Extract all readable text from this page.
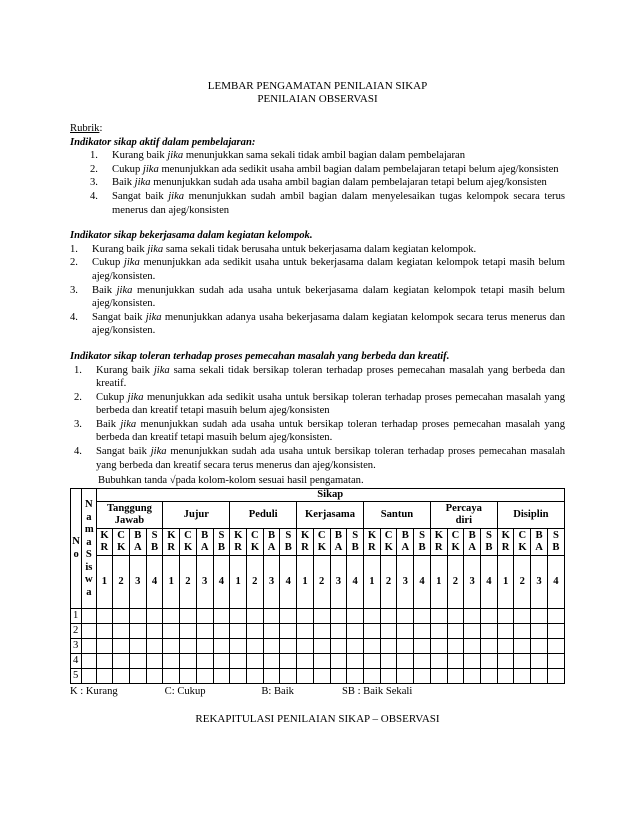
LEMBAR PENGAMATAN PENILAIAN SIKAP
PENILAIAN OBSERVASI
Rubrik:
Indikator sikap aktif dalam pembelajaran:
1.	Kurang baik jika menunjukkan sama sekali tidak ambil bagian dalam pembelajaran
2.	Cukup jika menunjukkan ada sedikit usaha ambil bagian dalam pembelajaran tetapi belum ajeg/konsisten
3.	Baik jika menunjukkan sudah ada usaha ambil bagian dalam pembelajaran tetapi belum ajeg/konsisten
4.	Sangat baik jika menunjukkan sudah ambil bagian dalam menyelesaikan tugas kelompok secara terus menerus dan ajeg/konsisten
Indikator sikap bekerjasama dalam kegiatan kelompok.
1.	Kurang baik jika sama sekali tidak berusaha untuk bekerjasama dalam kegiatan kelompok.
2.	Cukup jika menunjukkan ada sedikit usaha untuk bekerjasama dalam kegiatan kelompok tetapi masih belum ajeg/konsisten.
3.	Baik jika menunjukkan sudah ada usaha untuk bekerjasama dalam kegiatan kelompok tetapi masih belum ajeg/konsisten.
4.	Sangat baik jika menunjukkan adanya usaha bekerjasama dalam kegiatan kelompok secara terus menerus dan ajeg/konsisten.
Indikator sikap toleran terhadap proses pemecahan masalah yang berbeda dan kreatif.
1.	Kurang baik jika sama sekali tidak bersikap toleran terhadap proses pemecahan masalah yang berbeda dan kreatif.
2.	Cukup jika menunjukkan ada sedikit usaha untuk bersikap toleran terhadap proses pemecahan masalah yang berbeda dan kreatif tetapi masuih belum ajeg/konsisten
3.	Baik jika menunjukkan sudah ada usaha untuk bersikap toleran terhadap proses pemecahan masalah yang berbeda dan kreatif tetapi masuih belum ajeg/konsisten.
4.	Sangat baik jika menunjukkan sudah ada usaha untuk bersikap toleran terhadap proses pemecahan masalah yang berbeda dan kreatif secara terus menerus dan ajeg/konsisten.
Bubuhkan tanda √pada kolom-kolom sesuai hasil pengamatan.
No	Nama Siswa	Sikap																											
		Tanggung Jawab				Jujur				Peduli				Kerjasama				Santun				Percaya diri				Disiplin			
		KR	CK	BA	SB	KR	CK	BA	SB	KR	CK	BA	SB	KR	CK	BA	SB	KR	CK	BA	SB	KR	CK	BA	SB	KR	CK	BA	SB
		1	2	3	4	1	2	3	4	1	2	3	4	1	2	3	4	1	2	3	4	1	2	3	4	1	2	3	4
1																													
2																													
3																													
4																													
5																													
K : Kurang	C: Cukup	B: Baik	SB : Baik Sekali
REKAPITULASI PENILAIAN SIKAP – OBSERVASI
